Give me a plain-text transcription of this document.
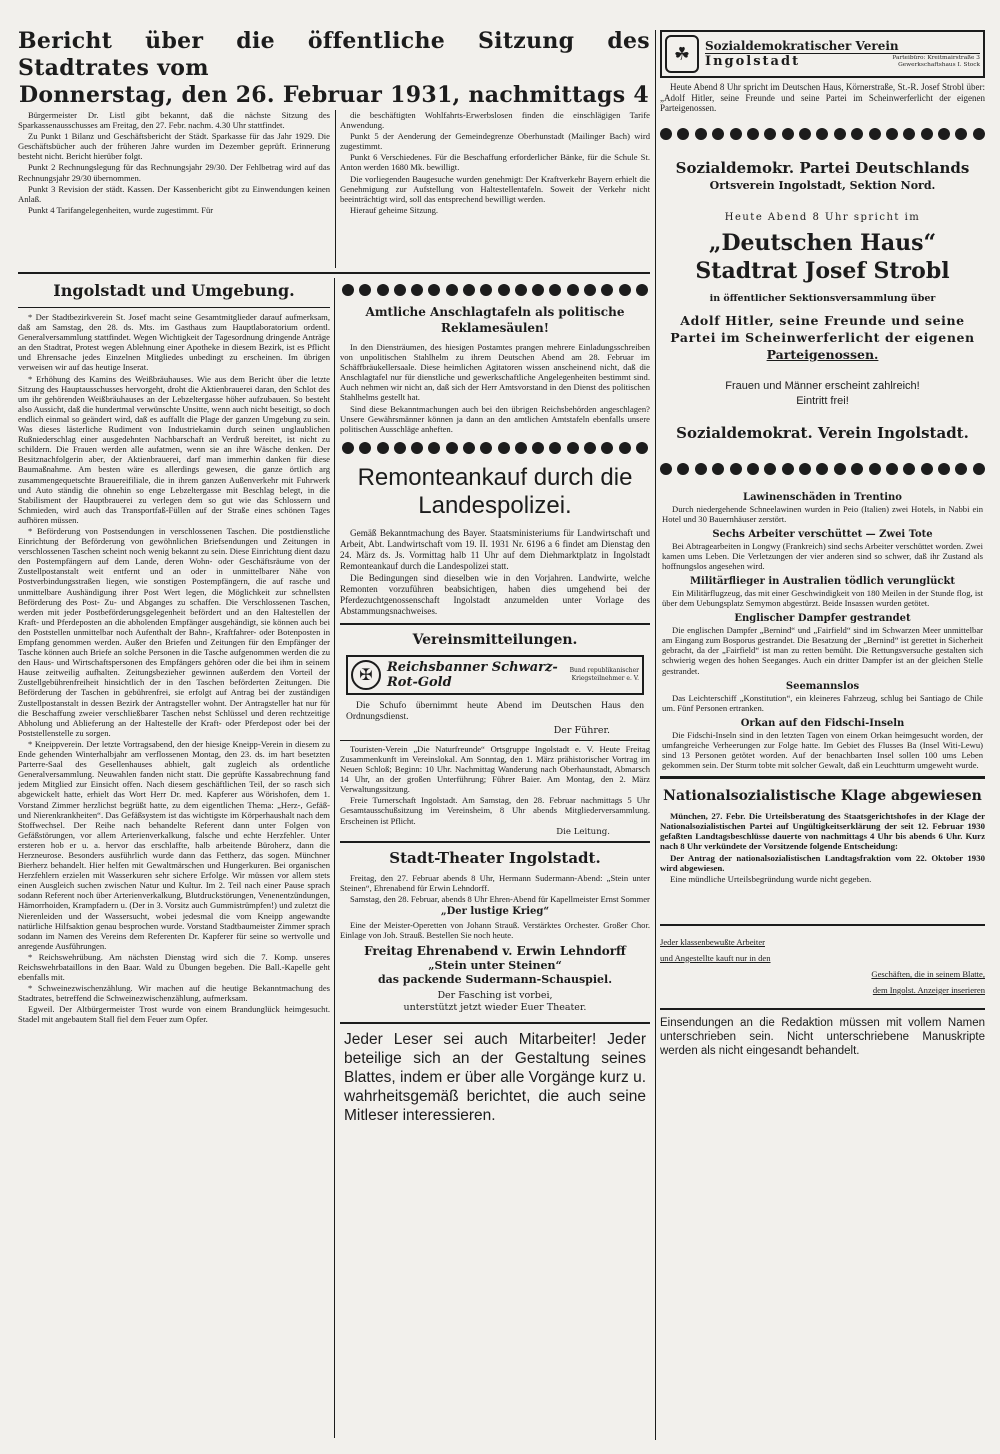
Bericht über die öffentliche Sitzung des Stadtrates vom
Donnerstag, den 26. Februar 1931, nachmittags 4

Bürgermeister Dr. Listl gibt bekannt, daß die nächste Sitzung des Sparkassenausschusses am Freitag, den 27. Febr. nachm. 4.30 Uhr stattfindet.

Zu Punkt 1 Bilanz und Geschäftsbericht der Städt. Sparkasse für das Jahr 1929. Die Geschäftsbücher auch der früheren Jahre wurden im Dezember geprüft. Erinnerung besteht nicht. Bericht hierüber folgt.

Punkt 2 Rechnungslegung für das Rechnungsjahr 29/30. Der Fehlbetrag wird auf das Rechnungsjahr 29/30 übernommen.

Punkt 3 Revision der städt. Kassen. Der Kassenbericht gibt zu Einwendungen keinen Anlaß.

Punkt 4 Tarifangelegenheiten, wurde zugestimmt. Für

die beschäftigten Wohlfahrts-Erwerbslosen finden die einschlägigen Tarife Anwendung.

Punkt 5 der Aenderung der Gemeindegrenze Oberhunstadt (Mailinger Bach) wird zugestimmt.

Punkt 6 Verschiedenes. Für die Beschaffung erforderlicher Bänke, für die Schule St. Anton werden 1680 Mk. bewilligt.

Die vorliegenden Baugesuche wurden genehmigt: Der Kraftverkehr Bayern erhielt die Genehmigung zur Aufstellung von Haltestellentafeln. Soweit der Verkehr nicht beeinträchtigt wird, soll das entsprechend bewilligt werden.

Hierauf geheime Sitzung.

Ingolstadt und Umgebung.

* Der Stadtbezirkverein St. Josef macht seine Gesamtmitglieder darauf aufmerksam, daß am Samstag, den 28. ds. Mts. im Gasthaus zum Hauptlaboratorium ordentl. Generalversammlung stattfindet. Wegen Wichtigkeit der Tagesordnung dringende Anträge an den Stadtrat, Protest wegen Ablehnung einer Apotheke in diesem Bezirk, ist es Pflicht und Ehrensache jedes Einzelnen Mitgliedes unbedingt zu erscheinen. Im übrigen verweisen wir auf das heutige Inserat.

* Erhöhung des Kamins des Weißbräuhauses. Wie aus dem Bericht über die letzte Sitzung des Hauptausschusses hervorgeht, droht die Aktienbrauerei daran, den Schlot des um ihr gehörenden Weißbräuhauses an der Lebzeltergasse höher aufzubauen. So besteht also Aussicht, daß die hundertmal verwünschte Unsitte, wenn auch nicht beseitigt, so doch endlich einmal so geändert wird, daß es auffallt die Plage der ganzen Umgebung zu sein. Was dieses lästerliche Rudiment von Industriekamin durch seinen unglaublichen Rußniederschlag einer ausgedehnten Nachbarschaft an Verdruß bereitet, ist nicht zu schildern. Die Frauen werden alle aufatmen, wenn sie an ihre Wäsche denken. Der Besitznachfolgerin aber, der Aktienbrauerei, darf man immerhin danken für diese Baumaßnahme. Am besten wäre es allerdings gewesen, die ganze örtlich arg zusammengequetschte Brauereifiliale, die in ihrem ganzen Außenverkehr mit Fuhrwerk und Auto ständig die ohnehin so enge Lebzeltergasse mit Beschlag belegt, in die Stabilisment der Hauptbrauerei zu verlegen dem so gut wie das Schlossern und Schmieden, wird auch das Transportfaß-Füllen auf der Straße eines schönen Tages aufhören müssen.

* Beförderung von Postsendungen in verschlossenen Taschen. Die postdienstliche Einrichtung der Beförderung von gewöhnlichen Briefsendungen und Zeitungen in verschlossenen Taschen scheint noch wenig bekannt zu sein. Diese Einrichtung dient dazu den Postempfängern auf dem Lande, deren Wohn- oder Geschäftsräume von der Zustellpostanstalt weit entfernt und an oder in unmittelbarer Nähe von Postverbindungsstraßen liegen, wie sonstigen Postempfängern, die auf rasche und unmittelbare Aushändigung ihrer Post Wert legen, die Möglichkeit zur schnellsten Beförderung des Post- Zu- und Abganges zu schaffen. Die Verschlossenen Taschen, werden mit jeder Postbeförderungsgelegenheit befördert und an den Haltestellen der Kraft- und Pferdeposten an die abholenden Empfänger ausgehändigt, sie können auch bei den Poststellen unmittelbar noch Aufenthalt der Bahn-, Kraftfahrer- oder Botenposten in Empfang genommen werden. Außer den Briefen und Zeitungen für den Empfänger der Tasche können auch Briefe an solche Personen in die Tasche aufgenommen werden die zu den Haus- und Wirtschaftspersonen des Empfängers gehören oder die bei ihm in seinem Hause zeitweilig aufhalten. Zeitungsbezieher gewinnen außerdem den Vorteil der Zustellgebührenfreiheit hinsichtlich der in den Taschen beförderten Zeitungen. Die Beförderung der Taschen in gebührenfrei, sie erfolgt auf Antrag bei der zuständigen Zustellpostanstalt in dessen Bezirk der Antragsteller wohnt. Der Antragsteller hat nur für die Beschaffung zweier verschließbarer Taschen nebst Schlüssel und deren rechtzeitige Abholung und Ablieferung an der Haltestelle der Kraft- oder Pferdepost oder bei der Poststellenstelle zu sorgen.

* Kneippverein. Der letzte Vortragsabend, den der hiesige Kneipp-Verein in diesem zu Ende gehenden Winterhalbjahr am verflossenen Montag, den 23. ds. im hart besetzten Parterre-Saal des Gesellenhauses abhielt, galt zugleich als ordentliche Generalversammlung. Neuwahlen fanden nicht statt. Die geprüfte Kassabrechnung fand jedem Mitglied zur Einsicht offen. Nach diesem geschäftlichen Teil, der so rasch sich abgewickelt hatte, erhielt das Wort Herr Dr. med. Kapferer aus Wörishofen, dem 1. Vorstand Zimmer herzlichst begrüßt hatte, zu dem eigentlichen Thema: „Herz-, Gefäß- und Nierenkrankheiten“. Das Gefäßsystem ist das wichtigste im Körperhaushalt nach dem Stoffwechsel. Der Reihe nach behandelte Referent dann unter Folgen von Gefäßstörungen, vor allem Arterienverkalkung, falsche und echte Herzfehler. Unter ersteren hob er u. a. hervor das erschlaffte, halb arbeitende Büroherz, dann die Herzneurose. Besonders ausführlich wurde dann das Fettherz, das sogen. Münchner Bierherz behandelt. Hier helfen mit Gewaltmärschen und Hungerkuren. Bei organischen Herzfehlern erzielen mit Wasserkuren sehr sichere Erfolge. Wir müssen vor allem stets einen Ausgleich suchen zwischen Natur und Kultur. Im 2. Teil nach einer Pause sprach sodann Referent noch über Arterienverkalkung, Blutdruckstörungen, Venenentzündungen, Hämorrhoiden, Krampfadern u. (Der in 3. Vorsitz auch Gummistrümpfen!) und zuletzt die Nierenleiden und der Wassersucht, wobei jedesmal die vom Kneipp angewandte natürliche Hilfsaktion genau besprochen wurde. Vorstand Stadtbaumeister Zimmer sprach sodann im Namen des Vereins dem Referenten Dr. Kapferer für seine so wertvolle und anregende Ausführungen.

* Reichswehrübung. Am nächsten Dienstag wird sich die 7. Komp. unseres Reichswehrbataillons in den Baar. Wald zu Übungen begeben. Die Ball.-Kapelle geht ebenfalls mit.

* Schweinezwischenzählung. Wir machen auf die heutige Bekanntmachung des Stadtrates, betreffend die Schweinezwischenzählung, aufmerksam.

Egweil. Der Altbürgermeister Trost wurde von einem Brandunglück heimgesucht. Stadel mit angebautem Stall fiel dem Feuer zum Opfer.

Amtliche Anschlagtafeln als politische Reklamesäulen!

In den Diensträumen, des hiesigen Postamtes prangen mehrere Einladungsschreiben von unpolitischen Stahlhelm zu ihrem Deutschen Abend am 28. Februar im Schäffbräukellersaale. Diese heimlichen Agitatoren wissen anscheinend nicht, daß die Anschlagtafel nur für dienstliche und gewerkschaftliche Angelegenheiten bestimmt sind. Auch nehmen wir nicht an, daß sich der Herr Amtsvorstand in den Dienst des politischen Stahlhelms gestellt hat.

Sind diese Bekanntmachungen auch bei den übrigen Reichsbehörden angeschlagen? Unsere Gewährsmänner können ja dann an den amtlichen Amtstafeln ebenfalls unsere politischen Ausschläge anheften.

Remonteankauf durch die Landespolizei.

Gemäß Bekanntmachung des Bayer. Staatsministeriums für Landwirtschaft und Arbeit, Abt. Landwirtschaft vom 19. II. 1931 Nr. 6196 a 6 findet am Dienstag den 24. März ds. Js. Vormittag halb 11 Uhr auf dem Diehmarktplatz in Ingolstadt Remonteankauf durch die Landespolizei statt.

Die Bedingungen sind dieselben wie in den Vorjahren. Landwirte, welche Remonten vorzuführen beabsichtigen, haben dies umgehend bei der Pferdezuchtgenossenschaft Ingolstadt anzumelden unter Vorlage des Abstammungsnachweises.

Vereinsmitteilungen.
✠	Reichsbanner Schwarz-Rot-Gold
Bund republikanischer Kriegsteilnehmer e. V.

Die Schufo übernimmt heute Abend im Deutschen Haus den Ordnungsdienst.

Der Führer.

Touristen-Verein „Die Naturfreunde“ Ortsgruppe Ingolstadt e. V. Heute Freitag Zusammenkunft im Vereinslokal. Am Sonntag, den 1. März prähistorischer Vortrag im Neuen Schloß; Beginn: 10 Uhr. Nachmittag Wanderung nach Oberhaunstadt, Abmarsch 14 Uhr, an der großen Unterführung; Führer Baier. Am Montag, den 2. März Verwaltungssitzung.

Freie Turnerschaft Ingolstadt. Am Samstag, den 28. Februar nachmittags 5 Uhr Gesamtausschußsitzung im Vereinsheim, 8 Uhr abends Mitgliederversammlung. Erscheinen ist Pflicht.

Die Leitung.
Stadt-Theater Ingolstadt.

Freitag, den 27. Februar abends 8 Uhr, Hermann Sudermann-Abend: „Stein unter Steinen“, Ehrenabend für Erwin Lehndorff.

Samstag, den 28. Februar, abends 8 Uhr Ehren-Abend für Kapellmeister Ernst Sommer

„Der lustige Krieg“

Eine der Meister-Operetten von Johann Strauß. Verstärktes Orchester. Großer Chor. Einlage von Joh. Strauß. Bestellen Sie noch heute.

Freitag Ehrenabend v. Erwin Lehndorff
„Stein unter Steinen“
das packende Sudermann-Schauspiel.
Der Fasching ist vorbei,
unterstützt jetzt wieder Euer Theater.
Jeder Leser sei auch Mitarbeiter! Jeder beteilige sich an der Gestaltung seines Blattes, indem er über alle Vorgänge kurz u. wahrheitsgemäß berichtet, die auch seine Mitleser interessieren.
☘	Sozialdemokratischer Verein
Ingolstadt	Parteibüro: Kreitmairstraße 3 Gewerkschaftshaus I. Stock

Heute Abend 8 Uhr spricht im Deutschen Haus, Körnerstraße, St.-R. Josef Strobl über: „Adolf Hitler, seine Freunde und seine Partei im Scheinwerferlicht der eigenen Parteigenossen.

Sozialdemokr. Partei Deutschlands
Ortsverein Ingolstadt, Sektion Nord.
Heute Abend 8 Uhr spricht im
„Deutschen Haus“
Stadtrat Josef Strobl
in öffentlicher Sektionsversammlung über
Adolf Hitler, seine Freunde und seine
Partei im Scheinwerferlicht der eigenen
Parteigenossen.
Frauen und Männer erscheint zahlreich!
Eintritt frei!
Sozialdemokrat. Verein Ingolstadt.
Lawinenschäden in Trentino

Durch niedergehende Schneelawinen wurden in Peio (Italien) zwei Hotels, in Nabbi ein Hotel und 30 Bauernhäuser zerstört.

Sechs Arbeiter verschüttet — Zwei Tote

Bei Abtragearbeiten in Longwy (Frankreich) sind sechs Arbeiter verschüttet worden. Zwei kamen ums Leben. Die Verletzungen der vier anderen sind so schwer, daß ihr Zustand als hoffnungslos angesehen wird.

Militärflieger in Australien tödlich verunglückt

Ein Militärflugzeug, das mit einer Geschwindigkeit von 180 Meilen in der Stunde flog, ist über dem Uebungsplatz Semymon abgestürzt. Beide Insassen wurden getötet.

Englischer Dampfer gestrandet

Die englischen Dampfer „Bernind“ und „Fairfield“ sind im Schwarzen Meer unmittelbar am Eingang zum Bosporus gestrandet. Die Besatzung der „Bernind“ ist gerettet in Sicherheit gebracht, da der „Fairfield“ ist man zu retten bemüht. Die Rettungsversuche gestalten sich schwierig wegen des hohen Seeganges. Auch ein dritter Dampfer ist an der gleichen Stelle gestrandet.

Seemannslos

Das Leichterschiff „Konstitution“, ein kleineres Fahrzeug, schlug bei Santiago de Chile um. Fünf Personen ertranken.

Orkan auf den Fidschi-Inseln

Die Fidschi-Inseln sind in den letzten Tagen von einem Orkan heimgesucht worden, der umfangreiche Verheerungen zur Folge hatte. Im Gebiet des Flusses Ba (Insel Witi-Lewu) sind 13 Personen getötet worden. Auf der benachbarten Insel sollen 100 ums Leben gekommen sein. Der Sturm tobte mit solcher Gewalt, daß ein Leuchtturm umgeweht wurde.

Nationalsozialistische Klage abgewiesen

München, 27. Febr. Die Urteilsberatung des Staatsgerichtshofes in der Klage der Nationalsozialistischen Partei auf Ungültigkeitserklärung der seit 12. Februar 1930 gefaßten Landtagsbeschlüsse dauerte von nachmittags 4 Uhr bis abends 6 Uhr. Kurz nach 8 Uhr verkündete der Vorsitzende folgende Entscheidung:

Der Antrag der nationalsozialistischen Landtagsfraktion vom 22. Oktober 1930 wird abgewiesen.

Eine mündliche Urteilsbegründung wurde nicht gegeben.

Jeder klassenbewußte Arbeiter
und Angestellte kauft nur in den
Geschäften, die in seinem Blatte,
dem Ingolst. Anzeiger inserieren
Einsendungen an die Redaktion müssen mit vollem Namen unterschrieben sein. Nicht unterschriebene Manuskripte werden als nicht eingesandt behandelt.
